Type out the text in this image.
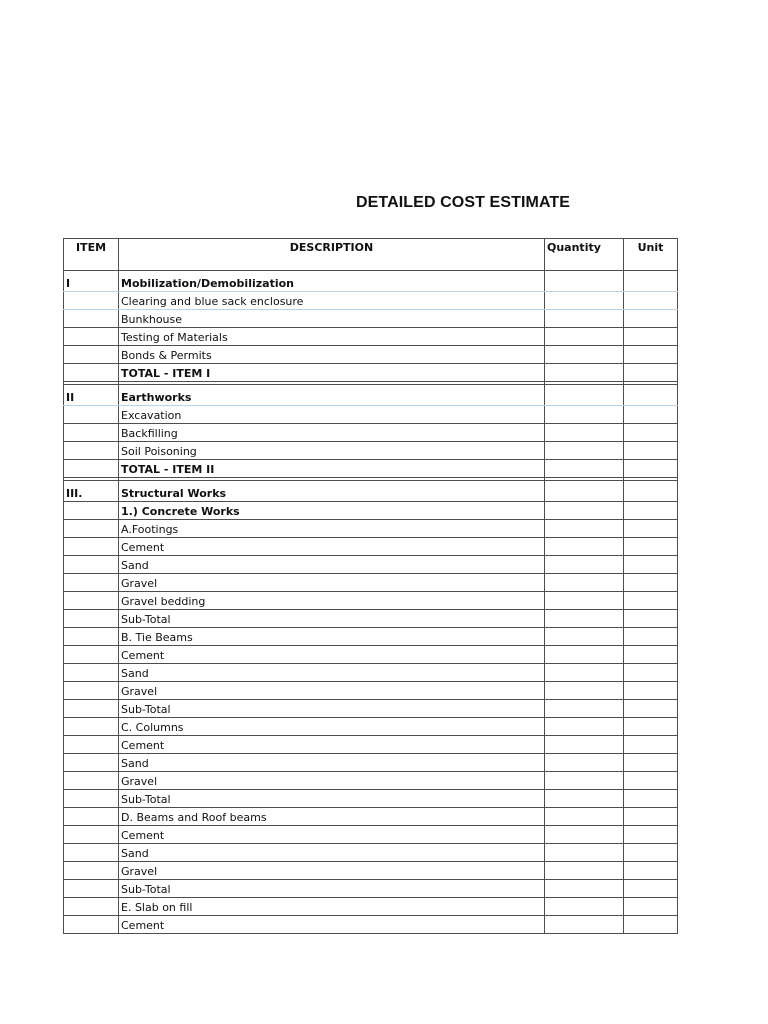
DETAILED COST ESTIMATE
ITEM	DESCRIPTION	Quantity	Unit
I	Mobilization/Demobilization		
	Clearing and blue sack enclosure		
	Bunkhouse		
	Testing of Materials		
	Bonds & Permits		
	TOTAL - ITEM I		

II	Earthworks		
	Excavation		
	Backfilling		
	Soil Poisoning		
	TOTAL - ITEM II		

III.	Structural Works		
	1.) Concrete Works		
	A.Footings		
	Cement		
	Sand		
	Gravel		
	Gravel bedding		
	Sub-Total		
	B. Tie Beams		
	Cement		
	Sand		
	Gravel		
	Sub-Total		
	C. Columns		
	Cement		
	Sand		
	Gravel		
	Sub-Total		
	D. Beams and Roof beams		
	Cement		
	Sand		
	Gravel		
	Sub-Total		
	E. Slab on fill		
	Cement		
